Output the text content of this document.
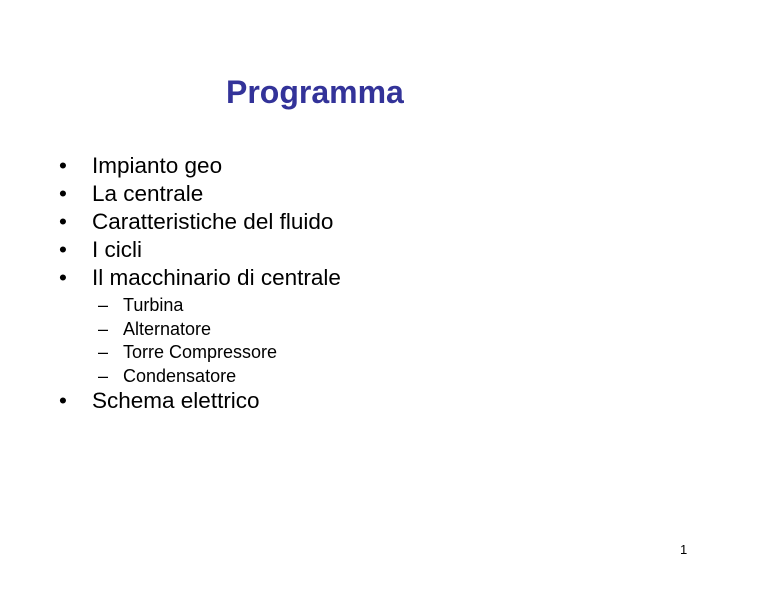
Programma
• Impianto geo
• La centrale
• Caratteristiche del fluido
• I cicli
• Il macchinario di centrale
– Turbina
– Alternatore
– Torre Compressore
– Condensatore
• Schema elettrico
1
